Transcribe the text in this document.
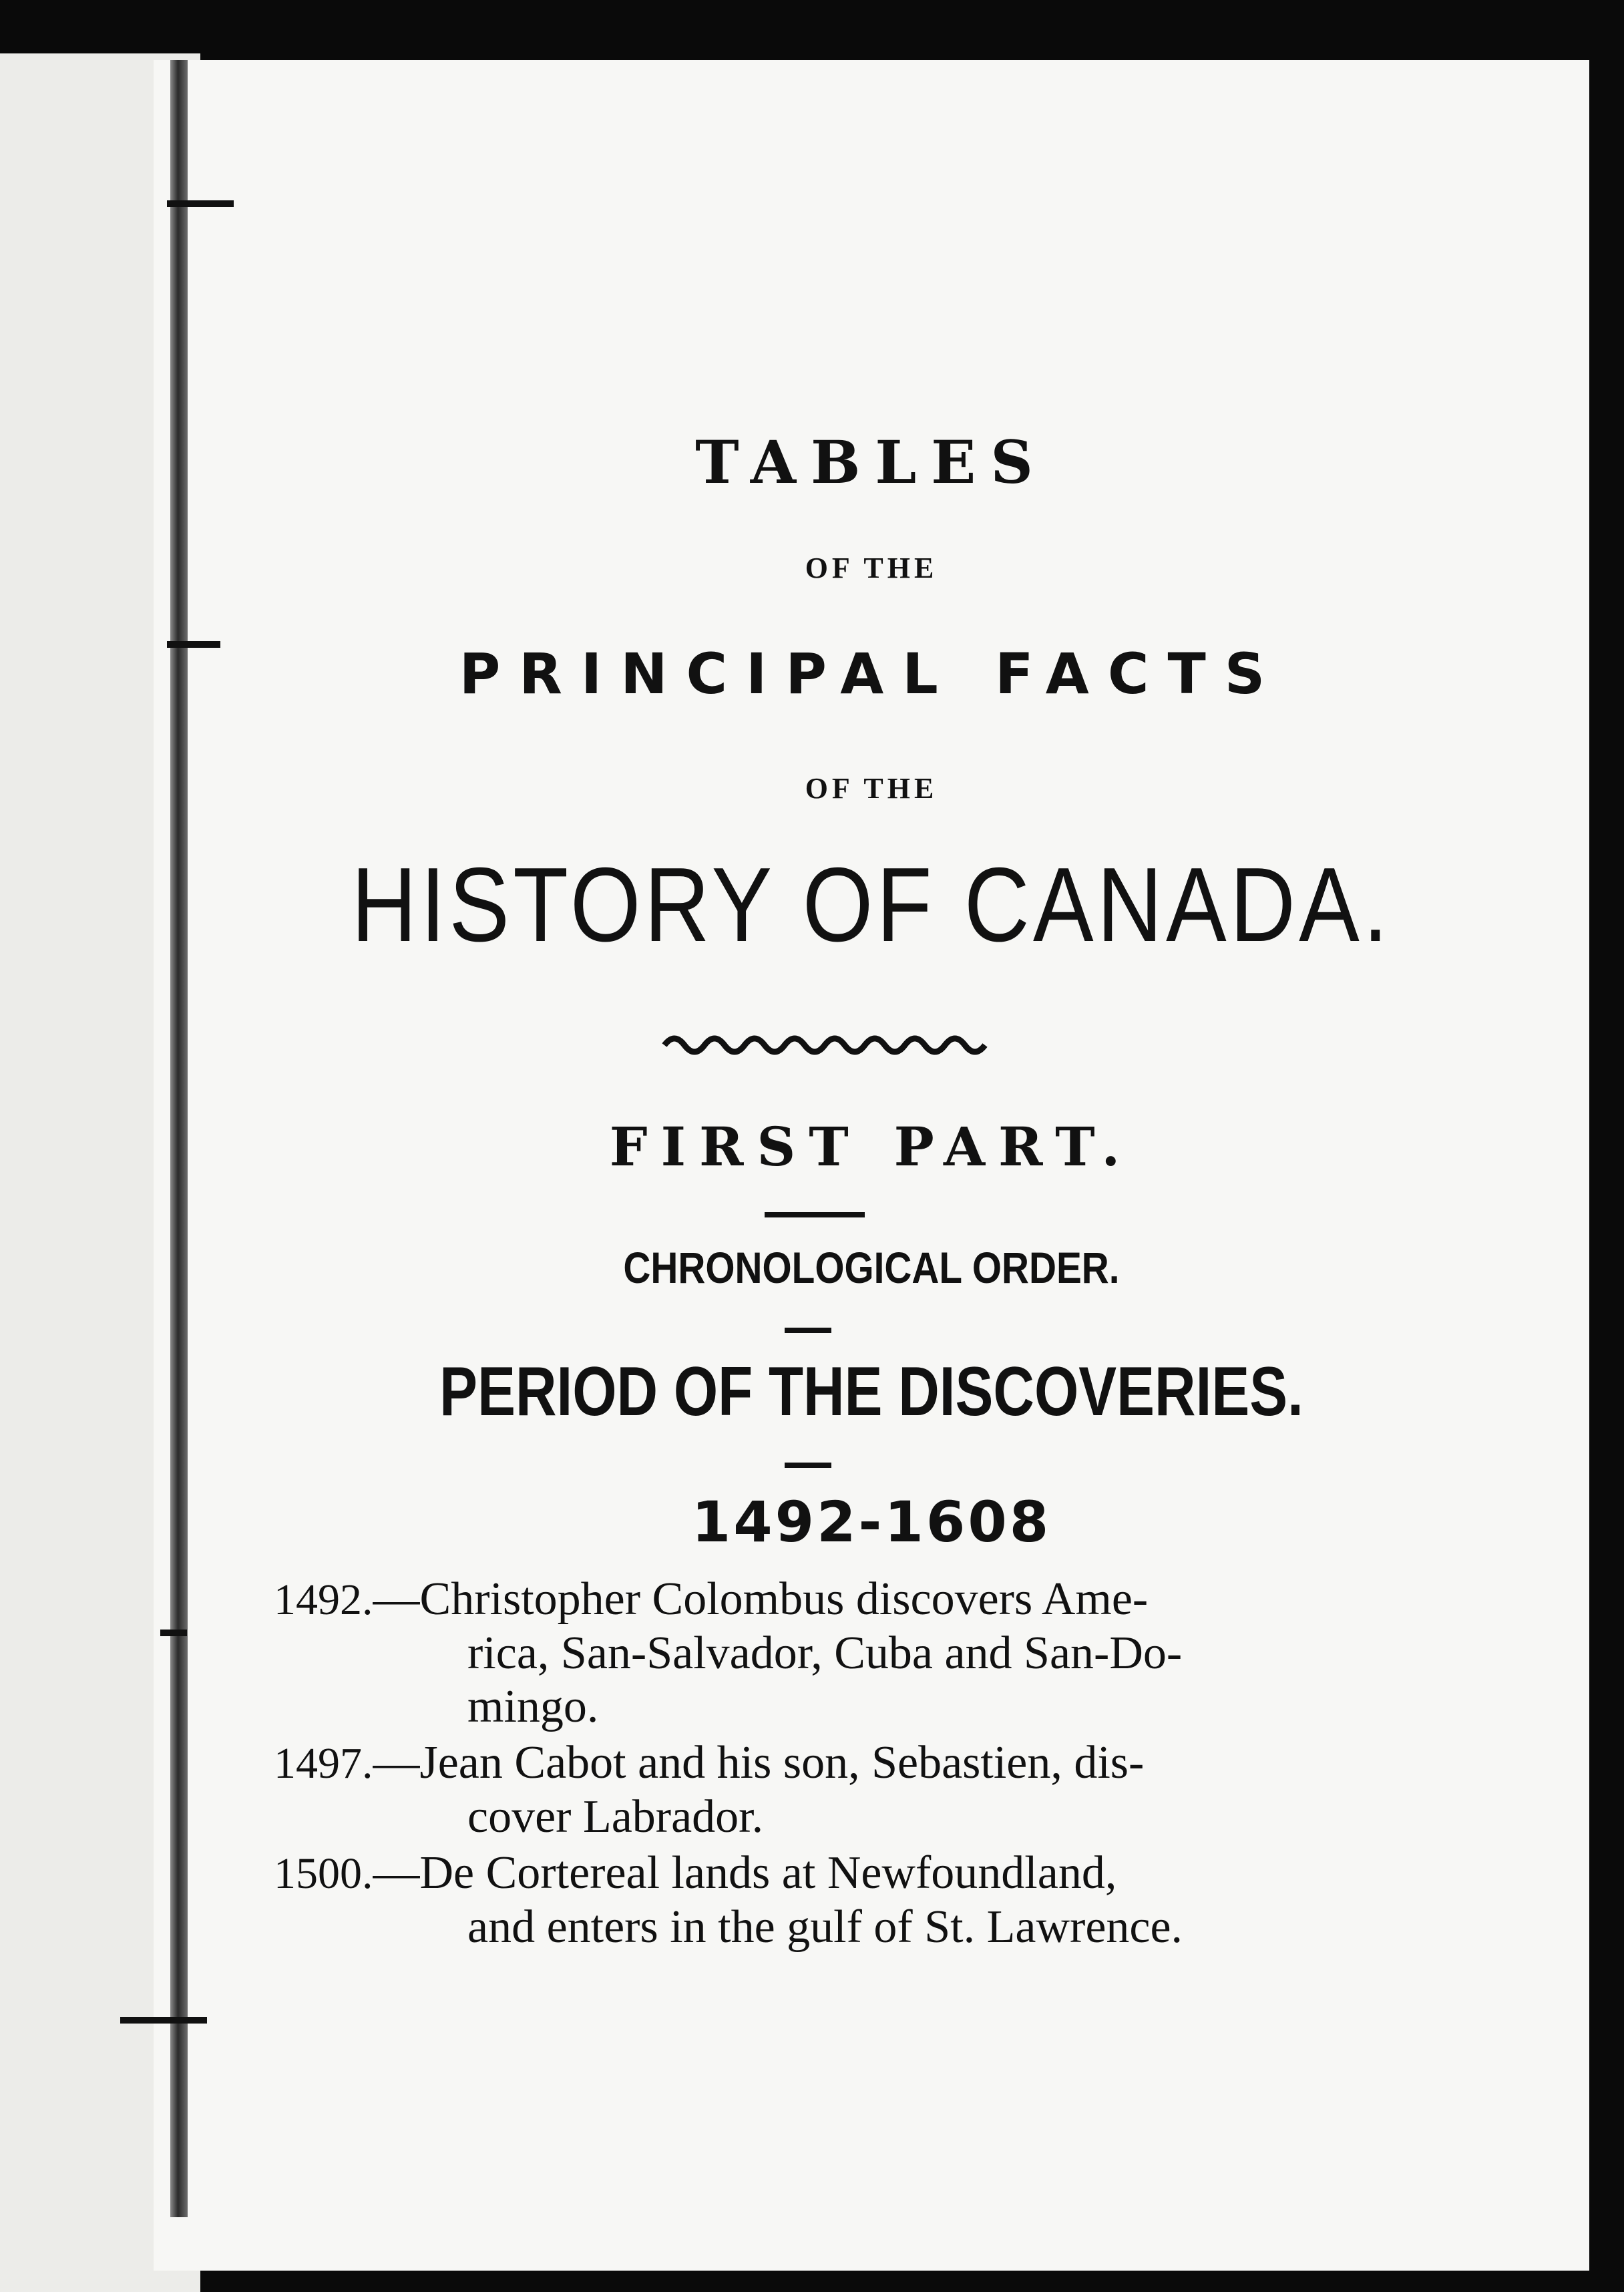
TABLES
OF THE
PRINCIPAL FACTS
OF THE
HISTORY OF CANADA.
FIRST PART.
CHRONOLOGICAL ORDER.
PERIOD OF THE DISCOVERIES.
1492-1608
1492.—Christopher Colombus discovers Ame-
rica, San-Salvador, Cuba and San-Do-
mingo.
1497.—Jean Cabot and his son, Sebastien, dis-
cover Labrador.
1500.—De Cortereal lands at Newfoundland,
and enters in the gulf of St. Lawrence.
